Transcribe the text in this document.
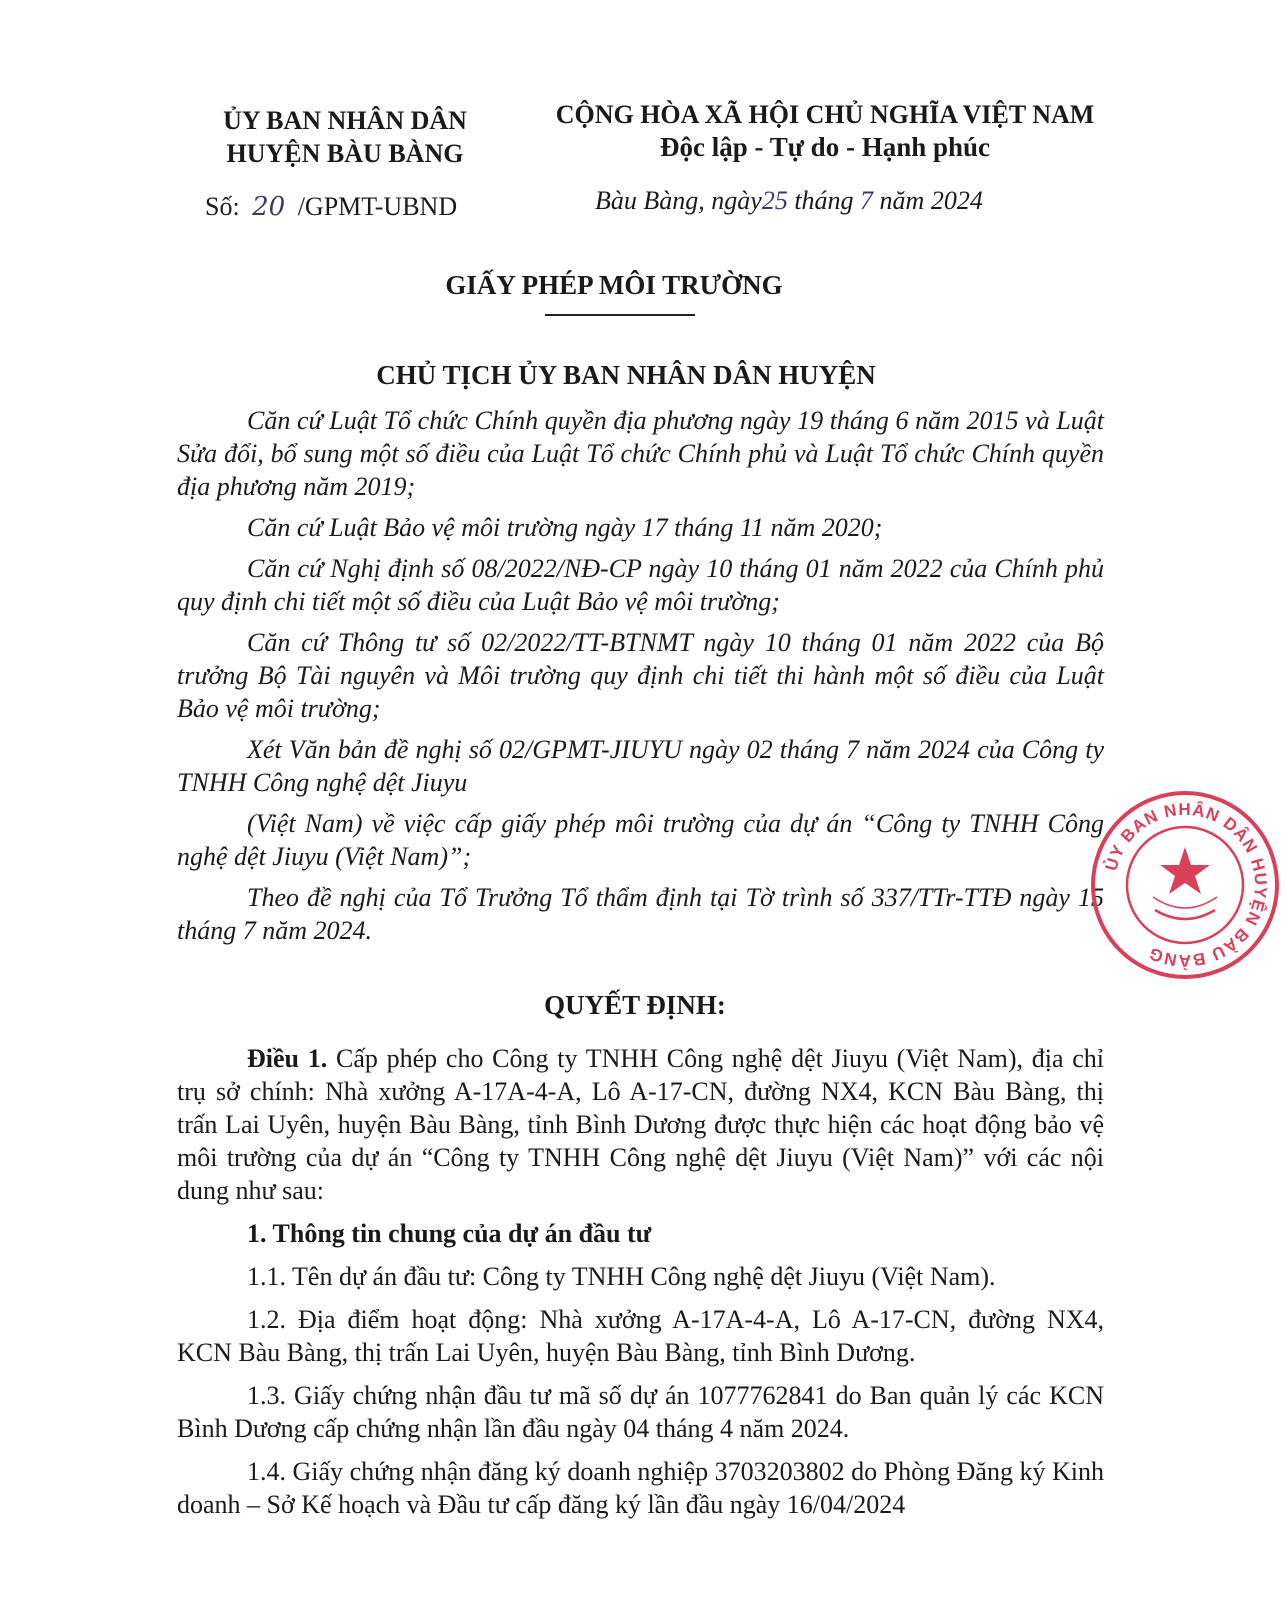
ỦY BAN NHÂN DÂN
HUYỆN BÀU BÀNG
CỘNG HÒA XÃ HỘI CHỦ NGHĨA VIỆT NAM
Độc lập - Tự do - Hạnh phúc
Số: 20 /GPMT-UBND	Bàu Bàng, ngày25 tháng 7 năm 2024
GIẤY PHÉP MÔI TRƯỜNG
CHỦ TỊCH ỦY BAN NHÂN DÂN HUYỆN
Căn cứ Luật Tổ chức Chính quyền địa phương ngày 19 tháng 6 năm 2015 và Luật Sửa đổi, bổ sung một số điều của Luật Tổ chức Chính phủ và Luật Tổ chức Chính quyền địa phương năm 2019;
Căn cứ Luật Bảo vệ môi trường ngày 17 tháng 11 năm 2020;
Căn cứ Nghị định số 08/2022/NĐ-CP ngày 10 tháng 01 năm 2022 của Chính phủ quy định chi tiết một số điều của Luật Bảo vệ môi trường;
Căn cứ Thông tư số 02/2022/TT-BTNMT ngày 10 tháng 01 năm 2022 của Bộ trưởng Bộ Tài nguyên và Môi trường quy định chi tiết thi hành một số điều của Luật Bảo vệ môi trường;
Xét Văn bản đề nghị số 02/GPMT-JIUYU ngày 02 tháng 7 năm 2024 của Công ty TNHH Công nghệ dệt Jiuyu
(Việt Nam) về việc cấp giấy phép môi trường của dự án “Công ty TNHH Công nghệ dệt Jiuyu (Việt Nam)”;
Theo đề nghị của Tổ Trưởng Tổ thẩm định tại Tờ trình số 337/TTr-TTĐ ngày 15 tháng 7 năm 2024.
QUYẾT ĐỊNH:
Điều 1. Cấp phép cho Công ty TNHH Công nghệ dệt Jiuyu (Việt Nam), địa chỉ trụ sở chính: Nhà xưởng A-17A-4-A, Lô A-17-CN, đường NX4, KCN Bàu Bàng, thị trấn Lai Uyên, huyện Bàu Bàng, tỉnh Bình Dương được thực hiện các hoạt động bảo vệ môi trường của dự án “Công ty TNHH Công nghệ dệt Jiuyu (Việt Nam)” với các nội dung như sau:
1. Thông tin chung của dự án đầu tư
1.1. Tên dự án đầu tư: Công ty TNHH Công nghệ dệt Jiuyu (Việt Nam).
1.2. Địa điểm hoạt động: Nhà xưởng A-17A-4-A, Lô A-17-CN, đường NX4, KCN Bàu Bàng, thị trấn Lai Uyên, huyện Bàu Bàng, tỉnh Bình Dương.
1.3. Giấy chứng nhận đầu tư mã số dự án 1077762841 do Ban quản lý các KCN Bình Dương cấp chứng nhận lần đầu ngày 04 tháng 4 năm 2024.
1.4. Giấy chứng nhận đăng ký doanh nghiệp 3703203802 do Phòng Đăng ký Kinh doanh – Sở Kế hoạch và Đầu tư cấp đăng ký lần đầu ngày 16/04/2024
ỦY BAN NHÂN DÂN HUYỆN BÀU BÀNG
